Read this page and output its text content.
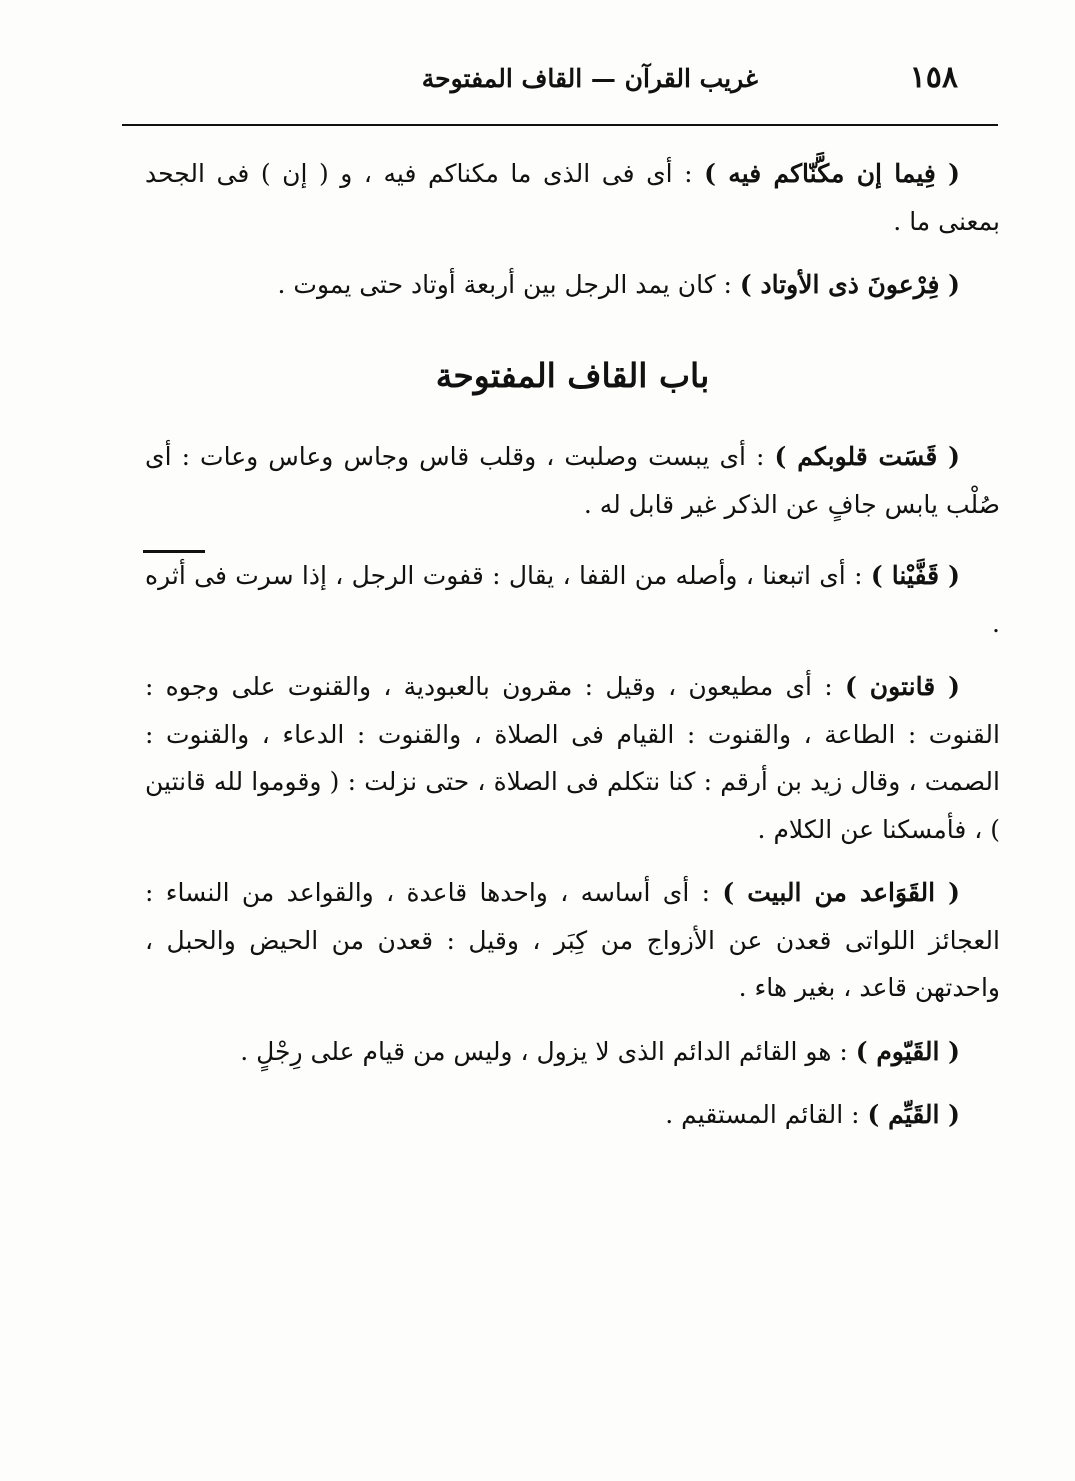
١٥٨
غريب القرآن — القاف المفتوحة

( فِيما إن مكَّنّاكم فيه ) : أى فى الذى ما مكناكم فيه ، و ( إن ) فى الجحد بمعنى ما .

( فِرْعونَ ذى الأوتاد ) : كان يمد الرجل بين أربعة أوتاد حتى يموت .

باب القاف المفتوحة

( قَسَت قلوبكم ) : أى يبست وصلبت ، وقلب قاس وجاس وعاس وعات : أى صُلْب يابس جافٍ عن الذكر غير قابل له .

( قَفَّيْنا ) : أى اتبعنا ، وأصله من القفا ، يقال : قفوت الرجل ، إذا سرت فى أثره .

( قانتون ) : أى مطيعون ، وقيل : مقرون بالعبودية ، والقنوت على وجوه : القنوت : الطاعة ، والقنوت : القيام فى الصلاة ، والقنوت : الدعاء ، والقنوت : الصمت ، وقال زيد بن أرقم : كنا نتكلم فى الصلاة ، حتى نزلت : ( وقوموا لله قانتين ) ، فأمسكنا عن الكلام .

( القَوَاعد من البيت ) : أى أساسه ، واحدها قاعدة ، والقواعد من النساء : العجائز اللواتى قعدن عن الأزواج من كِبَر ، وقيل : قعدن من الحيض والحبل ، واحدتهن قاعد ، بغير هاء .

( القَيّوم ) : هو القائم الدائم الذى لا يزول ، وليس من قيام على رِجْلٍ .

( القَيِّم ) : القائم المستقيم .
